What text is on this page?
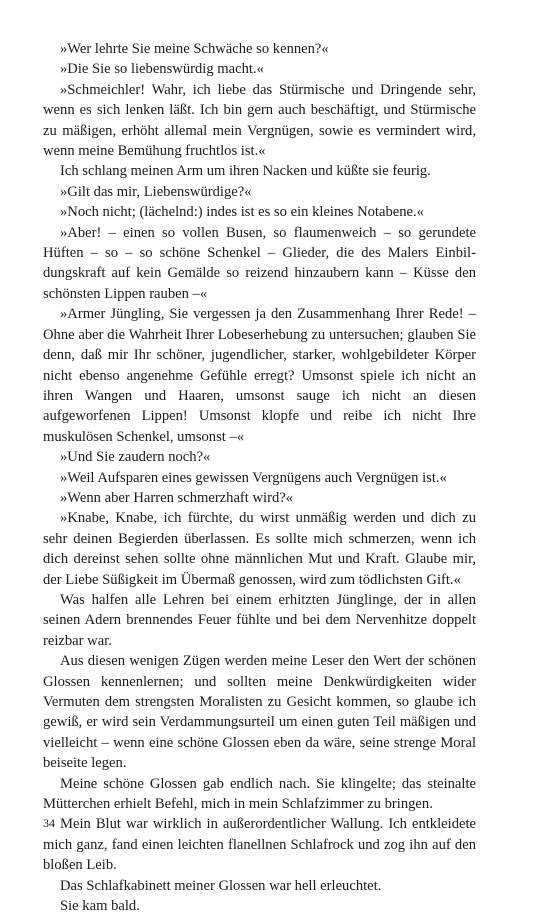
»Wer lehrte Sie meine Schwäche so kennen?«

»Die Sie so liebenswürdig macht.«

»Schmeichler! Wahr, ich liebe das Stürmische und Dringende sehr, wenn es sich lenken läßt. Ich bin gern auch beschäftigt, und Stürmische zu mäßigen, erhöht allemal mein Vergnügen, sowie es vermindert wird, wenn meine Bemühung fruchtlos ist.«

Ich schlang meinen Arm um ihren Nacken und küßte sie feurig.

»Gilt das mir, Liebenswürdige?«

»Noch nicht; (lächelnd:) indes ist es so ein kleines Notabene.«

»Aber! – einen so vollen Busen, so flaumenweich – so gerundete Hüften – so – so schöne Schenkel – Glieder, die des Malers Einbildungskraft auf kein Gemälde so reizend hinzaubern kann – Küsse den schönsten Lippen rauben –«

»Armer Jüngling, Sie vergessen ja den Zusammenhang Ihrer Rede! – Ohne aber die Wahrheit Ihrer Lobeserhebung zu untersuchen; glauben Sie denn, daß mir Ihr schöner, jugendlicher, starker, wohlgebildeter Körper nicht ebenso angenehme Gefühle erregt? Umsonst spiele ich nicht an ihren Wangen und Haaren, umsonst sauge ich nicht an diesen aufgeworfenen Lippen! Umsonst klopfe und reibe ich nicht Ihre muskulösen Schenkel, umsonst –«

»Und Sie zaudern noch?«

»Weil Aufsparen eines gewissen Vergnügens auch Vergnügen ist.«

»Wenn aber Harren schmerzhaft wird?«

»Knabe, Knabe, ich fürchte, du wirst unmäßig werden und dich zu sehr deinen Begierden überlassen. Es sollte mich schmerzen, wenn ich dich dereinst sehen sollte ohne männlichen Mut und Kraft. Glaube mir, der Liebe Süßigkeit im Übermaß genossen, wird zum tödlichsten Gift.«

Was halfen alle Lehren bei einem erhitzten Jünglinge, der in allen seinen Adern brennendes Feuer fühlte und bei dem Nervenhitze doppelt reizbar war.

Aus diesen wenigen Zügen werden meine Leser den Wert der schönen Glossen kennenlernen; und sollten meine Denkwürdigkeiten wider Vermuten dem strengsten Moralisten zu Gesicht kommen, so glaube ich gewiß, er wird sein Verdammungsurteil um einen guten Teil mäßigen und vielleicht – wenn eine schöne Glossen eben da wäre, seine strenge Moral beiseite legen.

Meine schöne Glossen gab endlich nach. Sie klingelte; das steinalte Mütterchen erhielt Befehl, mich in mein Schlafzimmer zu bringen.

Mein Blut war wirklich in außerordentlicher Wallung. Ich entkleidete mich ganz, fand einen leichten flanellnen Schlafrock und zog ihn auf den bloßen Leib.

Das Schlafkabinett meiner Glossen war hell erleuchtet.

Sie kam bald.

34
